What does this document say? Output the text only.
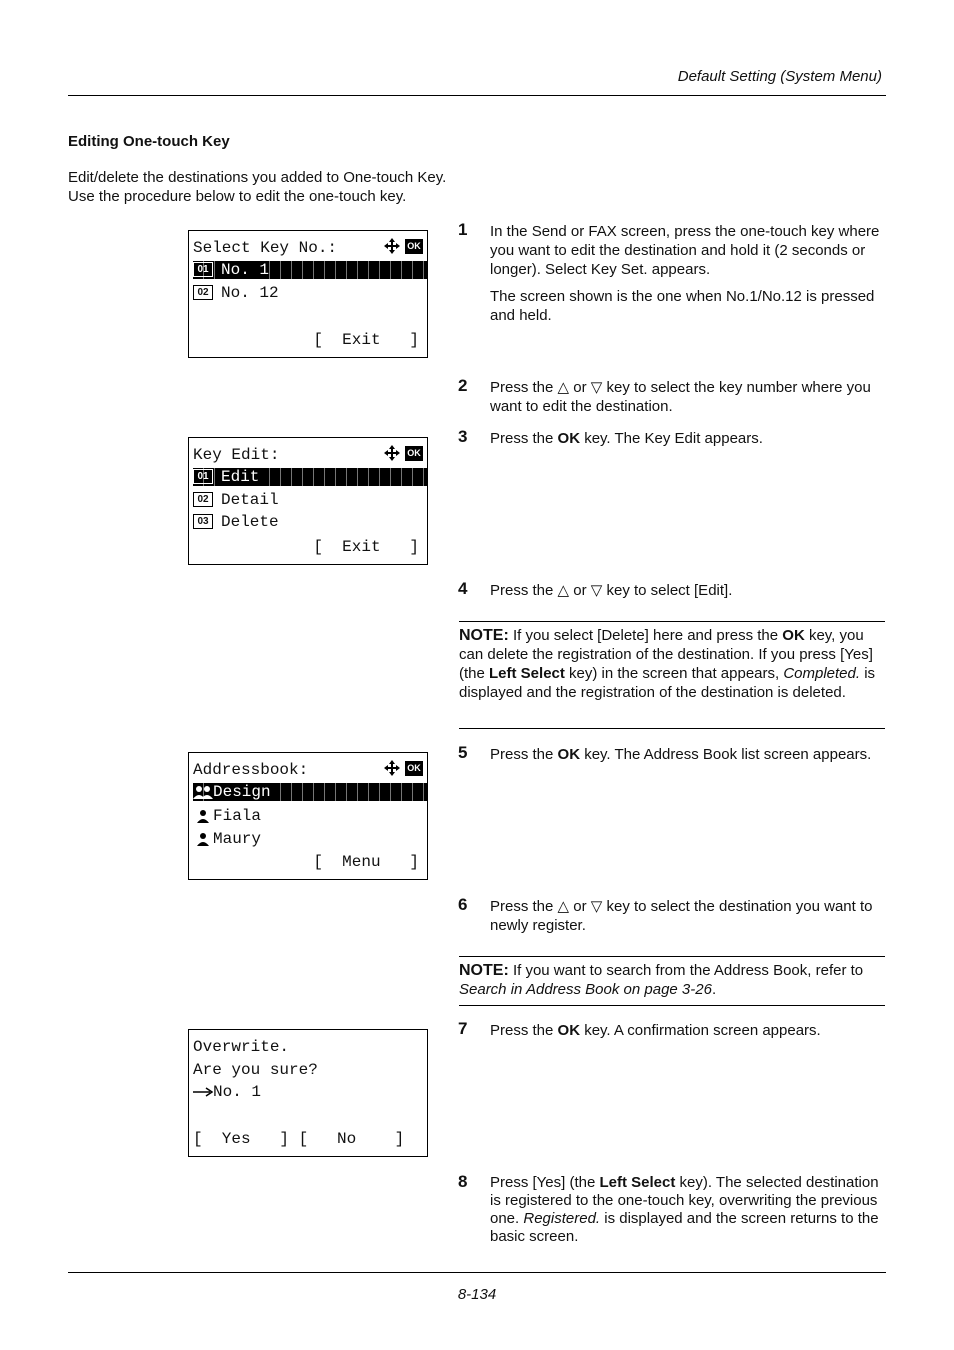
Default Setting (System Menu)
Editing One-touch Key
Edit/delete the destinations you added to One-touch Key.
Use the procedure below to edit the one-touch key.
Select Key No.:	OK
01 No. 1
02 No. 12
[  Exit   ]
Key Edit:	OK
01 Edit
02 Detail
03 Delete
[  Exit   ]
Addressbook:	OK
Design
Fiala
Maury
[  Menu   ]
Overwrite.
Are you sure?
No. 1
[  Yes   ] [   No    ]
1 In the Send or FAX screen, press the one-touch key where you want to edit the destination and hold it (2 seconds or longer). Select Key Set. appears.
The screen shown is the one when No.1/No.12 is pressed and held.
2 Press the △ or ▽ key to select the key number where you want to edit the destination.
3 Press the OK key. The Key Edit appears.
4 Press the △ or ▽ key to select [Edit].
NOTE: If you select [Delete] here and press the OK key, you can delete the registration of the destination. If you press [Yes] (the Left Select key) in the screen that appears, Completed. is displayed and the registration of the destination is deleted.
5 Press the OK key. The Address Book list screen appears.
6 Press the △ or ▽ key to select the destination you want to newly register.
NOTE: If you want to search from the Address Book, refer to Search in Address Book on page 3-26.
7 Press the OK key. A confirmation screen appears.
8 Press [Yes] (the Left Select key). The selected destination is registered to the one-touch key, overwriting the previous one. Registered. is displayed and the screen returns to the basic screen.
8-134
